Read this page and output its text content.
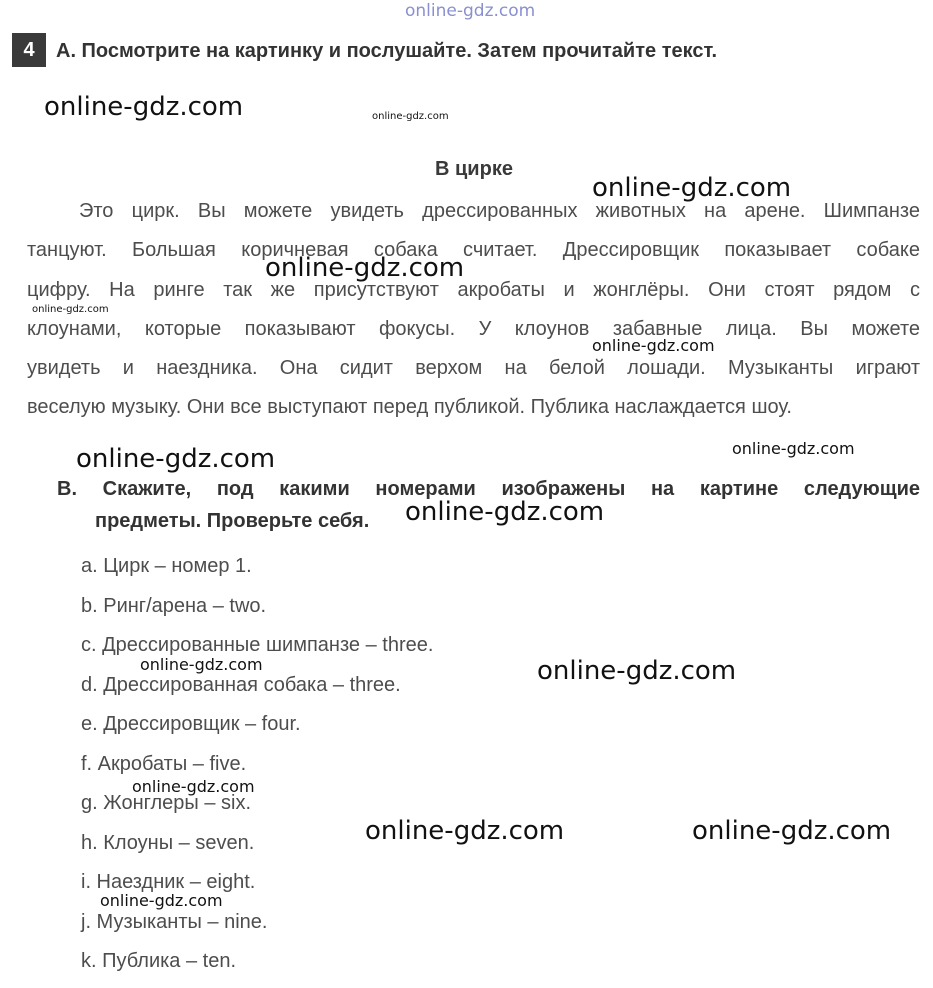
online-gdz.com
4	A. Посмотрите на картинку и послушайте. Затем прочитайте текст.
В цирке
Это цирк. Вы можете увидеть дрессированных животных на арене. Шимпанзе
танцуют. Большая коричневая собака считает. Дрессировщик показывает собаке
цифру. На ринге так же присутствуют акробаты и жонглёры. Они стоят рядом с
клоунами, которые показывают фокусы. У клоунов забавные лица. Вы можете
увидеть и наездника. Она сидит верхом на белой лошади. Музыканты играют
веселую музыку. Они все выступают перед публикой. Публика наслаждается шоу.
B. Скажите, под какими номерами изображены на картине следующие
предметы. Проверьте себя.
a. Цирк – номер 1.
b. Ринг/арена – two.
c. Дрессированные шимпанзе – three.
d. Дрессированная собака – three.
e. Дрессировщик – four.
f. Акробаты – five.
g. Жонглеры – six.
h. Клоуны – seven.
i. Наездник – eight.
j. Музыканты – nine.
k. Публика – ten.
online-gdz.com	online-gdz.com
online-gdz.com
online-gdz.com
online-gdz.com
online-gdz.com
online-gdz.com	online-gdz.com
online-gdz.com
online-gdz.com	online-gdz.com
online-gdz.com
online-gdz.com	online-gdz.com
online-gdz.com
